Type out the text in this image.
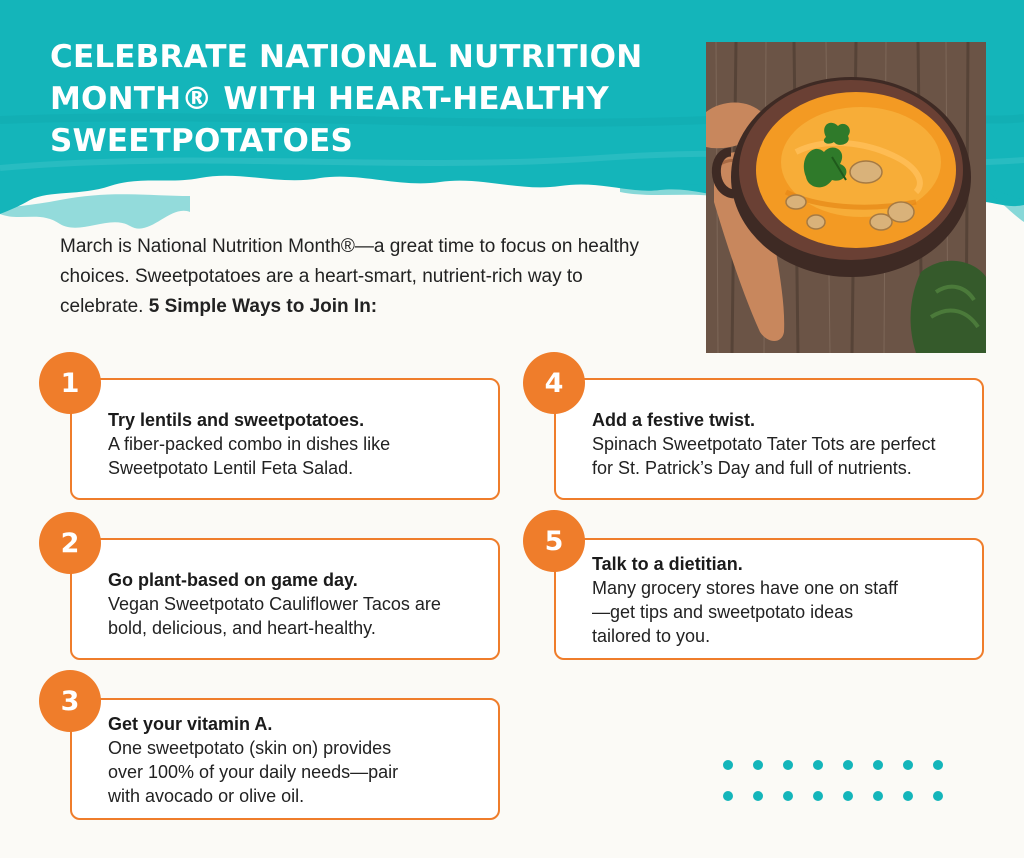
CELEBRATE NATIONAL NUTRITION MONTH® WITH HEART-HEALTHY SWEETPOTATOES
March is National Nutrition Month®—a great time to focus on healthy choices. Sweetpotatoes are a heart-smart, nutrient-rich way to celebrate. 5 Simple Ways to Join In:
Try lentils and sweetpotatoes.
A fiber-packed combo in dishes like
Sweetpotato Lentil Feta Salad.
1
Go plant-based on game day.
Vegan Sweetpotato Cauliflower Tacos are
bold, delicious, and heart-healthy.
2
Get your vitamin A.
One sweetpotato (skin on) provides
over 100% of your daily needs—pair
with avocado or olive oil.
3
Add a festive twist.
Spinach Sweetpotato Tater Tots are perfect
for St. Patrick’s Day and full of nutrients.
4
Talk to a dietitian.
Many grocery stores have one on staff
—get tips and sweetpotato ideas
tailored to you.
5
